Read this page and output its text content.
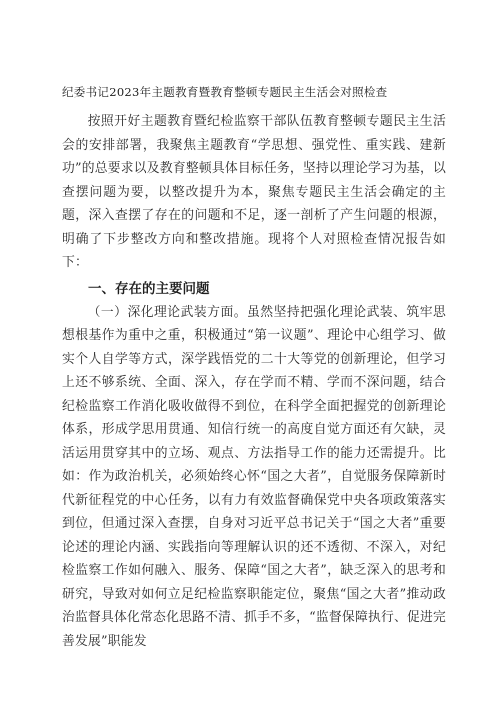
纪委书记2023年主题教育暨教育整顿专题民主生活会对照检查

按照开好主题教育暨纪检监察干部队伍教育整顿专题民主生活会的安排部署，我聚焦主题教育“学思想、强党性、重实践、建新功”的总要求以及教育整顿具体目标任务，坚持以理论学习为基，以查摆问题为要，以整改提升为本，聚焦专题民主生活会确定的主题，深入查摆了存在的问题和不足，逐一剖析了产生问题的根源，明确了下步整改方向和整改措施。现将个人对照检查情况报告如下：

一、存在的主要问题

（一）深化理论武装方面。虽然坚持把强化理论武装、筑牢思想根基作为重中之重，积极通过“第一议题”、理论中心组学习、做实个人自学等方式，深学践悟党的二十大等党的创新理论，但学习上还不够系统、全面、深入，存在学而不精、学而不深问题，结合纪检监察工作消化吸收做得不到位，在科学全面把握党的创新理论体系，形成学思用贯通、知信行统一的高度自觉方面还有欠缺，灵活运用贯穿其中的立场、观点、方法指导工作的能力还需提升。比如：作为政治机关，必须始终心怀“国之大者”，自觉服务保障新时代新征程党的中心任务，以有力有效监督确保党中央各项政策落实到位，但通过深入查摆，自身对习近平总书记关于“国之大者”重要论述的理论内涵、实践指向等理解认识的还不透彻、不深入，对纪检监察工作如何融入、服务、保障“国之大者”，缺乏深入的思考和研究，导致对如何立足纪检监察职能定位，聚焦“国之大者”推动政治监督具体化常态化思路不清、抓手不多，“监督保障执行、促进完善发展”职能发
